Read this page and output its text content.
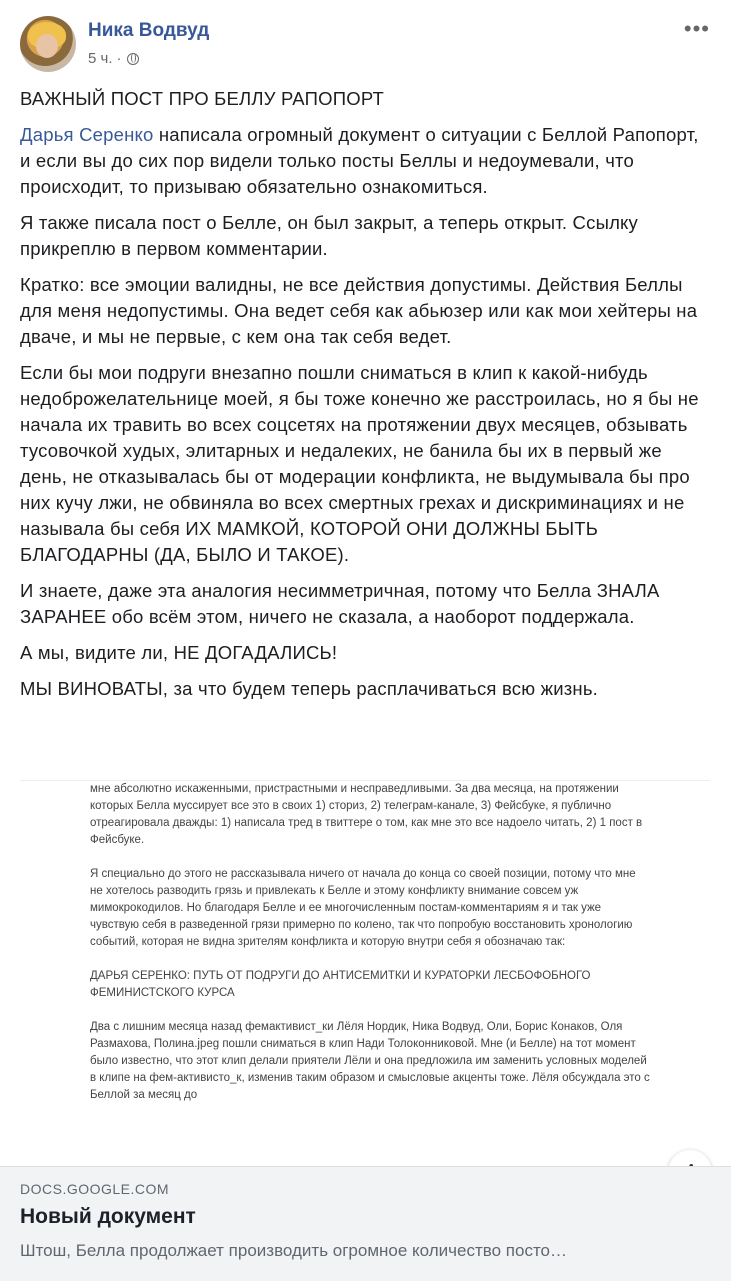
Ника Водвуд
5 ч. ·
•••

ВАЖНЫЙ ПОСТ ПРО БЕЛЛУ РАПОПОРТ

Дарья Серенко написала огромный документ о ситуации с Беллой Рапопорт, и если вы до сих пор видели только посты Беллы и недоумевали, что происходит, то призываю обязательно ознакомиться.

Я также писала пост о Белле, он был закрыт, а теперь открыт. Ссылку прикреплю в первом комментарии.

Кратко: все эмоции валидны, не все действия допустимы. Действия Беллы для меня недопустимы. Она ведет себя как абьюзер или как мои хейтеры на дваче, и мы не первые, с кем она так себя ведет.

Если бы мои подруги внезапно пошли сниматься в клип к какой-нибудь недоброжелательнице моей, я бы тоже конечно же расстроилась, но я бы не начала их травить во всех соцсетях на протяжении двух месяцев, обзывать тусовочкой худых, элитарных и недалеких, не банила бы их в первый же день, не отказывалась бы от модерации конфликта, не выдумывала бы про них кучу лжи, не обвиняла во всех смертных грехах и дискриминациях и не называла бы себя ИХ МАМКОЙ, КОТОРОЙ ОНИ ДОЛЖНЫ БЫТЬ БЛАГОДАРНЫ (ДА, БЫЛО И ТАКОЕ).

И знаете, даже эта аналогия несимметричная, потому что Белла ЗНАЛА ЗАРАНЕЕ обо всём этом, ничего не сказала, а наоборот поддержала.

А мы, видите ли, НЕ ДОГАДАЛИСЬ!

МЫ ВИНОВАТЫ, за что будем теперь расплачиваться всю жизнь.

мне абсолютно искаженными, пристрастными и несправедливыми. За два месяца, на протяжении которых Белла муссирует все это в своих 1) сториз, 2) телеграм-канале, 3) Фейсбуке, я публично отреагировала дважды: 1) написала тред в твиттере о том, как мне это все надоело читать, 2) 1 пост в Фейсбуке.

Я специально до этого не рассказывала ничего от начала до конца со своей позиции, потому что мне не хотелось разводить грязь и привлекать к Белле и этому конфликту внимание совсем уж мимокрокодилов. Но благодаря Белле и ее многочисленным постам-комментариям я и так уже чувствую себя в разведенной грязи примерно по колено, так что попробую восстановить хронологию событий, которая не видна зрителям конфликта и которую внутри себя я обозначаю так:

ДАРЬЯ СЕРЕНКО: ПУТЬ ОТ ПОДРУГИ ДО АНТИСЕМИТКИ И КУРАТОРКИ ЛЕСБОФОБНОГО ФЕМИНИСТСКОГО КУРСА

Два с лишним месяца назад фемактивист_ки Лёля Нордик, Ника Водвуд, Оли, Борис Конаков, Оля Размахова, Полина.jpeg пошли сниматься в клип Нади Толоконниковой. Мне (и Белле) на тот момент было известно, что этот клип делали приятели Лёли и она предложила им заменить условных моделей в клипе на фем-активисто_к, изменив таким образом и смысловые акценты тоже. Лёля обсуждала это с Беллой за месяц до

DOCS.GOOGLE.COM
Новый документ
Штош, Белла продолжает производить огромное количество посто…
